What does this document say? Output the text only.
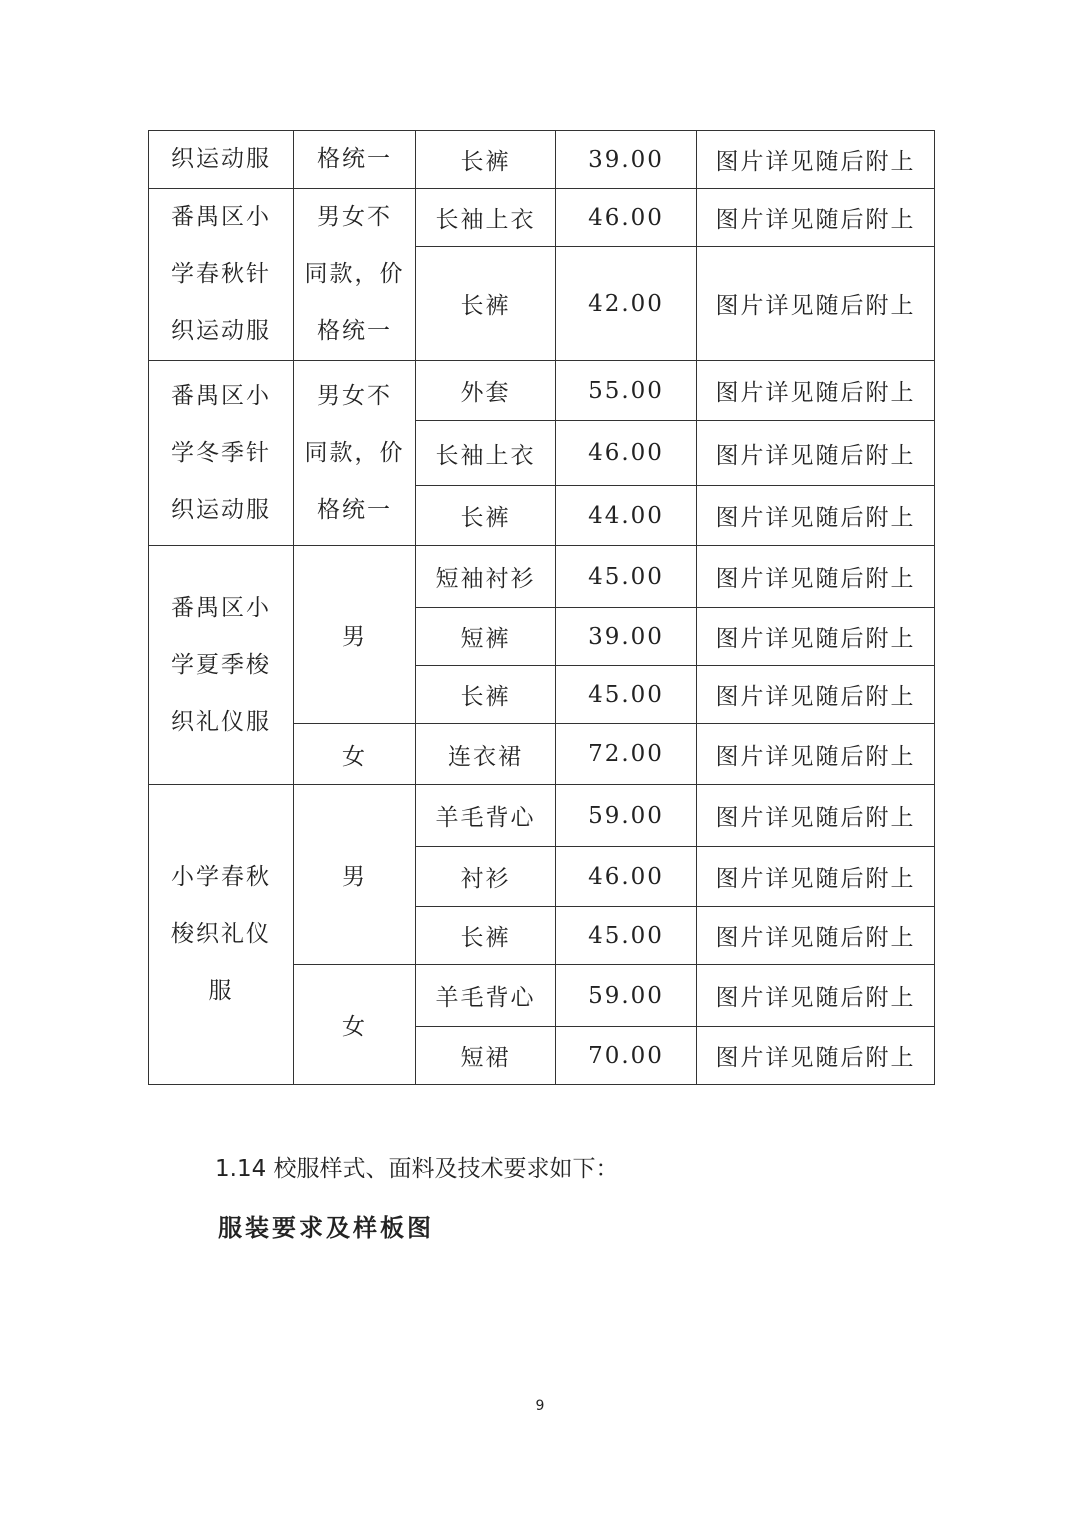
织运动服	格统一	长裤	39.00	图片详见随后附上

番禺区小
学春秋针
织运动服	男女不
同款，价
格统一	长袖上衣	46.00	图片详见随后附上
		长裤	42.00	图片详见随后附上

番禺区小
学冬季针
织运动服	男女不
同款，价
格统一	外套	55.00	图片详见随后附上
		长袖上衣	46.00	图片详见随后附上
		长裤	44.00	图片详见随后附上

番禺区小
学夏季梭
织礼仪服	男	短袖衬衫	45.00	图片详见随后附上
		短裤	39.00	图片详见随后附上
		长裤	45.00	图片详见随后附上
	女	连衣裙	72.00	图片详见随后附上

小学春秋
梭织礼仪
服	男	羊毛背心	59.00	图片详见随后附上
		衬衫	46.00	图片详见随后附上
		长裤	45.00	图片详见随后附上
	女	羊毛背心	59.00	图片详见随后附上
		短裙	70.00	图片详见随后附上
1.14 校服样式、面料及技术要求如下：
服装要求及样板图
9
